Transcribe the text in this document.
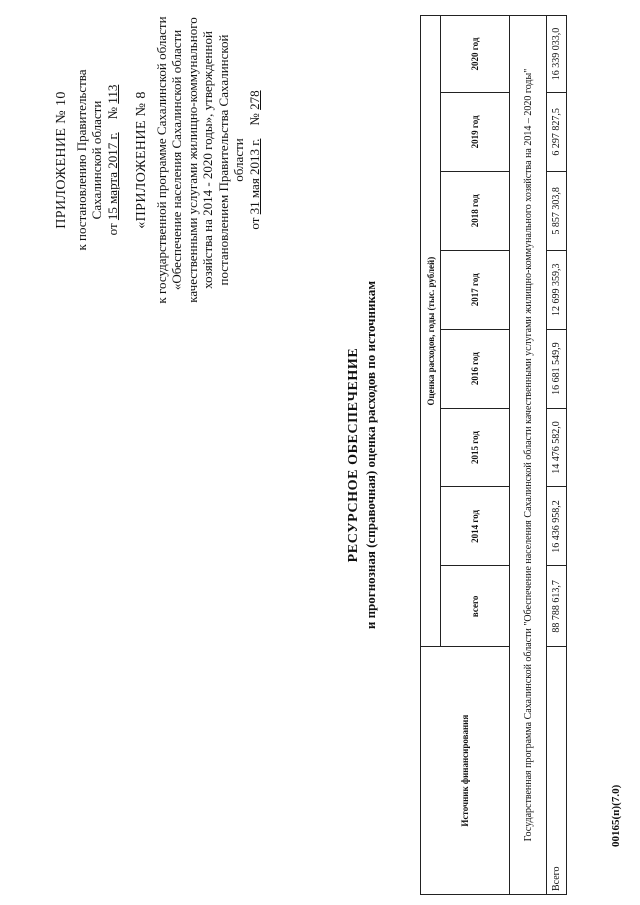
ПРИЛОЖЕНИЕ № 10 к постановлению Правительства Сахалинской области
от 15 марта 2017 г.    № 113 «ПРИЛОЖЕНИЕ № 8 к государственной программе Сахалинской области «Обеспечение населения Сахалинской области качественными услугами жилищно-коммунального хозяйства на 2014 - 2020 годы», утвержденной постановлением Правительства Сахалинской области
от 31 мая 2013 г.    № 278
РЕСУРСНОЕ ОБЕСПЕЧЕНИЕ и прогнозная (справочная) оценка расходов по источникам
Источник финансирования	Оценка расходов, годы (тыс. рублей)							
	всего	2014 год	2015 год	2016 год	2017 год	2018 год	2019 год	2020 год
Государственная программа Сахалинской области "Обеспечение населения Сахалинской области качественными услугами жилищно-коммунального хозяйства на 2014 – 2020 годы"								
Всего	88 788 613,7	16 436 958,2	14 476 582,0	16 681 549,9	12 699 359,3	5 857 303,8	6 297 827,5	16 339 033,0
00165(п)(7.0)
